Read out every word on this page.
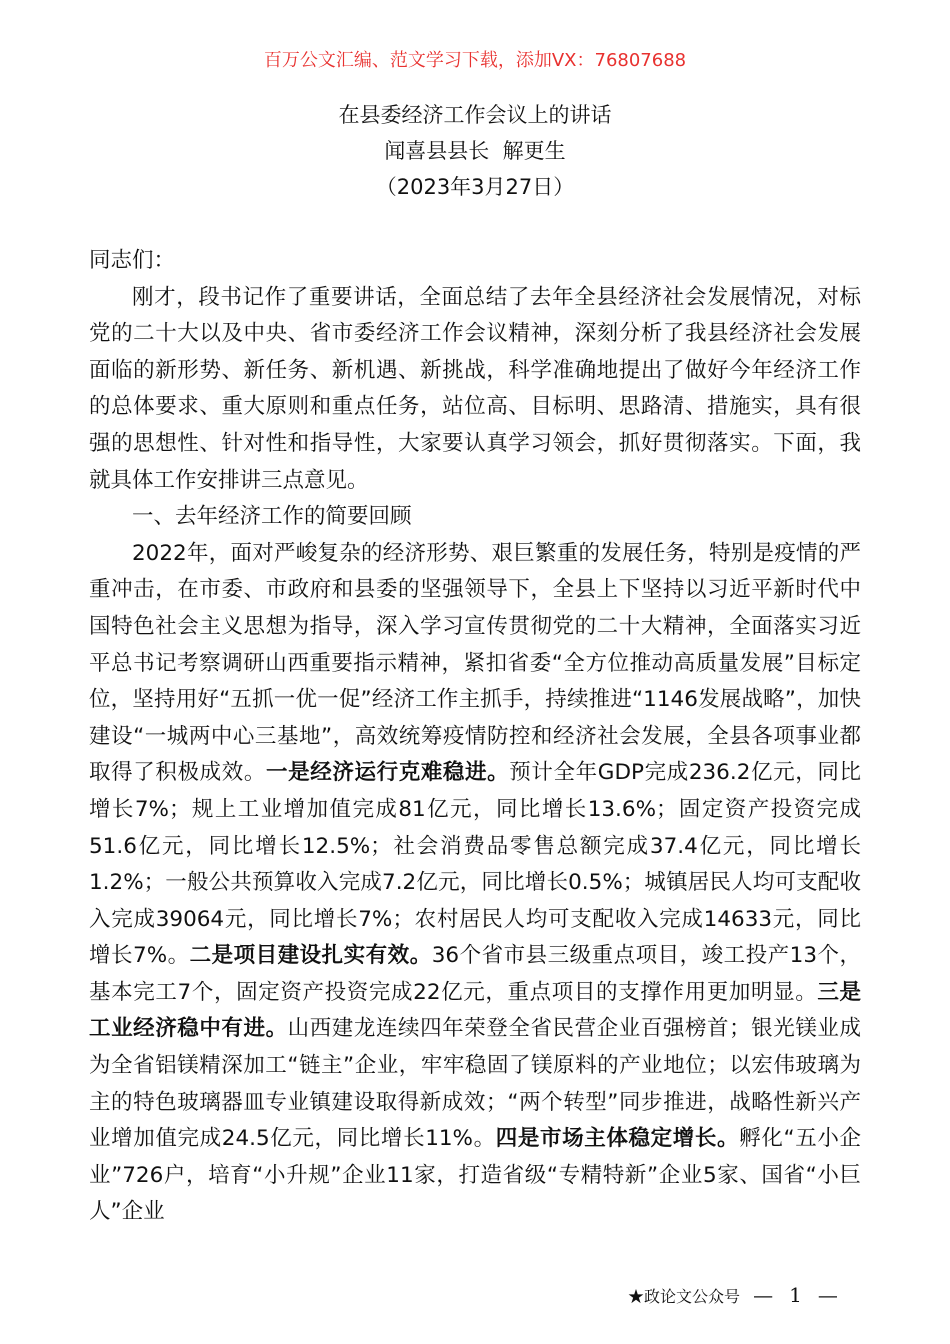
百万公文汇编、范文学习下载，添加VX：76807688
在县委经济工作会议上的讲话
闻喜县县长  解更生
（2023年3月27日）

同志们：

刚才，段书记作了重要讲话，全面总结了去年全县经济社会发展情况，对标党的二十大以及中央、省市委经济工作会议精神，深刻分析了我县经济社会发展面临的新形势、新任务、新机遇、新挑战，科学准确地提出了做好今年经济工作的总体要求、重大原则和重点任务，站位高、目标明、思路清、措施实，具有很强的思想性、针对性和指导性，大家要认真学习领会，抓好贯彻落实。下面，我就具体工作安排讲三点意见。

一、去年经济工作的简要回顾

2022年，面对严峻复杂的经济形势、艰巨繁重的发展任务，特别是疫情的严重冲击，在市委、市政府和县委的坚强领导下，全县上下坚持以习近平新时代中国特色社会主义思想为指导，深入学习宣传贯彻党的二十大精神，全面落实习近平总书记考察调研山西重要指示精神，紧扣省委“全方位推动高质量发展”目标定位，坚持用好“五抓一优一促”经济工作主抓手，持续推进“1146发展战略”，加快建设“一城两中心三基地”，高效统筹疫情防控和经济社会发展，全县各项事业都取得了积极成效。一是经济运行克难稳进。预计全年GDP完成236.2亿元，同比增长7%；规上工业增加值完成81亿元，同比增长13.6%；固定资产投资完成51.6亿元，同比增长12.5%；社会消费品零售总额完成37.4亿元，同比增长1.2%；一般公共预算收入完成7.2亿元，同比增长0.5%；城镇居民人均可支配收入完成39064元，同比增长7%；农村居民人均可支配收入完成14633元，同比增长7%。二是项目建设扎实有效。36个省市县三级重点项目，竣工投产13个，基本完工7个，固定资产投资完成22亿元，重点项目的支撑作用更加明显。三是工业经济稳中有进。山西建龙连续四年荣登全省民营企业百强榜首；银光镁业成为全省铝镁精深加工“链主”企业，牢牢稳固了镁原料的产业地位；以宏伟玻璃为主的特色玻璃器皿专业镇建设取得新成效；“两个转型”同步推进，战略性新兴产业增加值完成24.5亿元，同比增长11%。四是市场主体稳定增长。孵化“五小企业”726户，培育“小升规”企业11家，打造省级“专精特新”企业5家、国省“小巨人”企业

★政论文公众号 — 1 —
